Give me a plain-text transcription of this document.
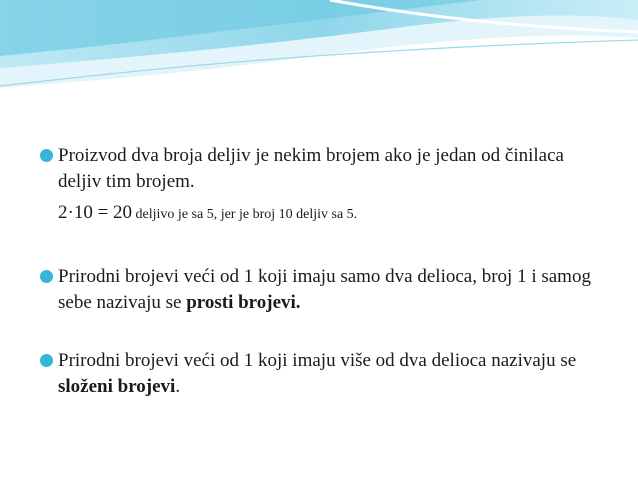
Proizvod dva broja deljiv je nekim brojem ako je jedan od činilaca deljiv tim brojem.
2·10 = 20 deljivo je sa 5, jer je broj 10 deljiv sa 5.
Prirodni brojevi veći od 1 koji imaju samo dva delioca, broj 1 i samog sebe nazivaju se prosti brojevi.
Prirodni brojevi veći od 1 koji imaju više od dva delioca nazivaju se složeni brojevi.
